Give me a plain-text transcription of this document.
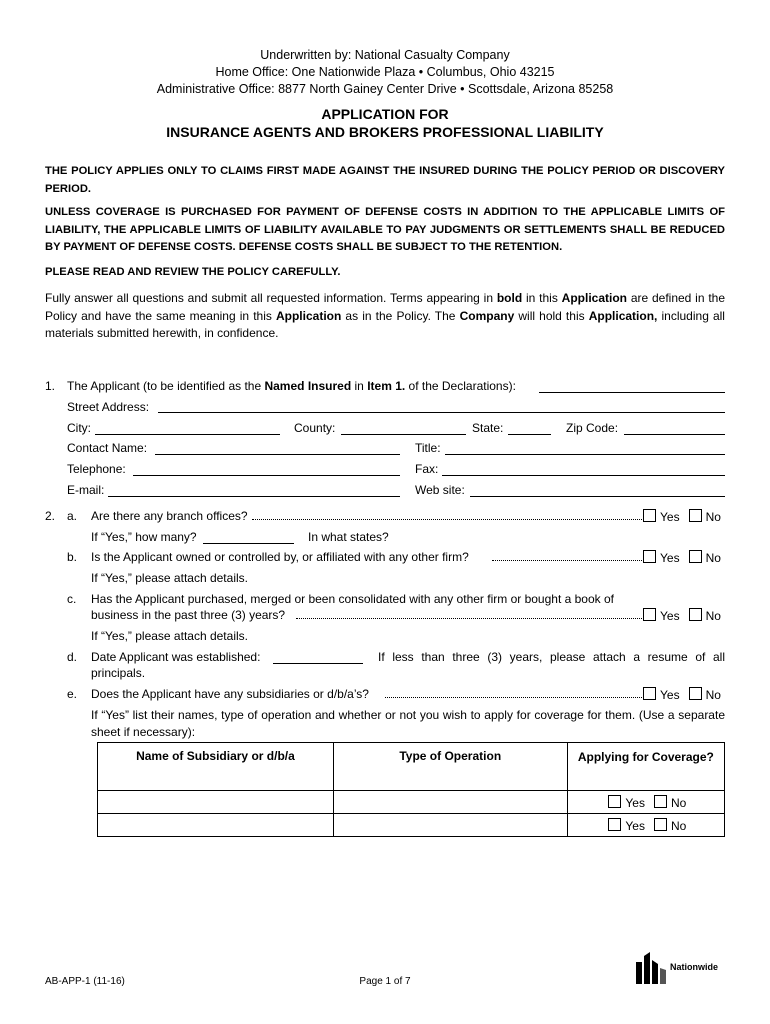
Underwritten by: National Casualty Company
Home Office: One Nationwide Plaza • Columbus, Ohio 43215
Administrative Office: 8877 North Gainey Center Drive • Scottsdale, Arizona 85258
APPLICATION FOR
INSURANCE AGENTS AND BROKERS PROFESSIONAL LIABILITY
THE POLICY APPLIES ONLY TO CLAIMS FIRST MADE AGAINST THE INSURED DURING THE POLICY PERIOD OR DISCOVERY PERIOD.
UNLESS COVERAGE IS PURCHASED FOR PAYMENT OF DEFENSE COSTS IN ADDITION TO THE APPLICABLE LIMITS OF LIABILITY, THE APPLICABLE LIMITS OF LIABILITY AVAILABLE TO PAY JUDGMENTS OR SETTLEMENTS SHALL BE REDUCED BY PAYMENT OF DEFENSE COSTS. DEFENSE COSTS SHALL BE SUBJECT TO THE RETENTION.
PLEASE READ AND REVIEW THE POLICY CAREFULLY.
Fully answer all questions and submit all requested information. Terms appearing in bold in this Application are defined in the Policy and have the same meaning in this Application as in the Policy. The Company will hold this Application, including all materials submitted herewith, in confidence.
1. The Applicant (to be identified as the Named Insured in Item 1. of the Declarations):
Street Address:
City:	County:	State:	Zip Code:
Contact Name:	Title:
Telephone:	Fax:
E-mail:	Web site:
2. a. Are there any branch offices?	Yes No
If “Yes,” how many?	In what states?
b. Is the Applicant owned or controlled by, or affiliated with any other firm?	Yes No
If “Yes,” please attach details.
c. Has the Applicant purchased, merged or been consolidated with any other firm or bought a book of
business in the past three (3) years?	Yes No
If “Yes,” please attach details.
d. Date Applicant was established:	If less than three (3) years, please attach a resume of all
principals.
e. Does the Applicant have any subsidiaries or d/b/a’s?	Yes No
If “Yes” list their names, type of operation and whether or not you wish to apply for coverage for them. (Use a separate sheet if necessary):
Name of Subsidiary or d/b/a	Type of Operation	Applying for Coverage?
		Yes No
		Yes No
AB-APP-1 (11-16)	Page 1 of 7
Nationwide
